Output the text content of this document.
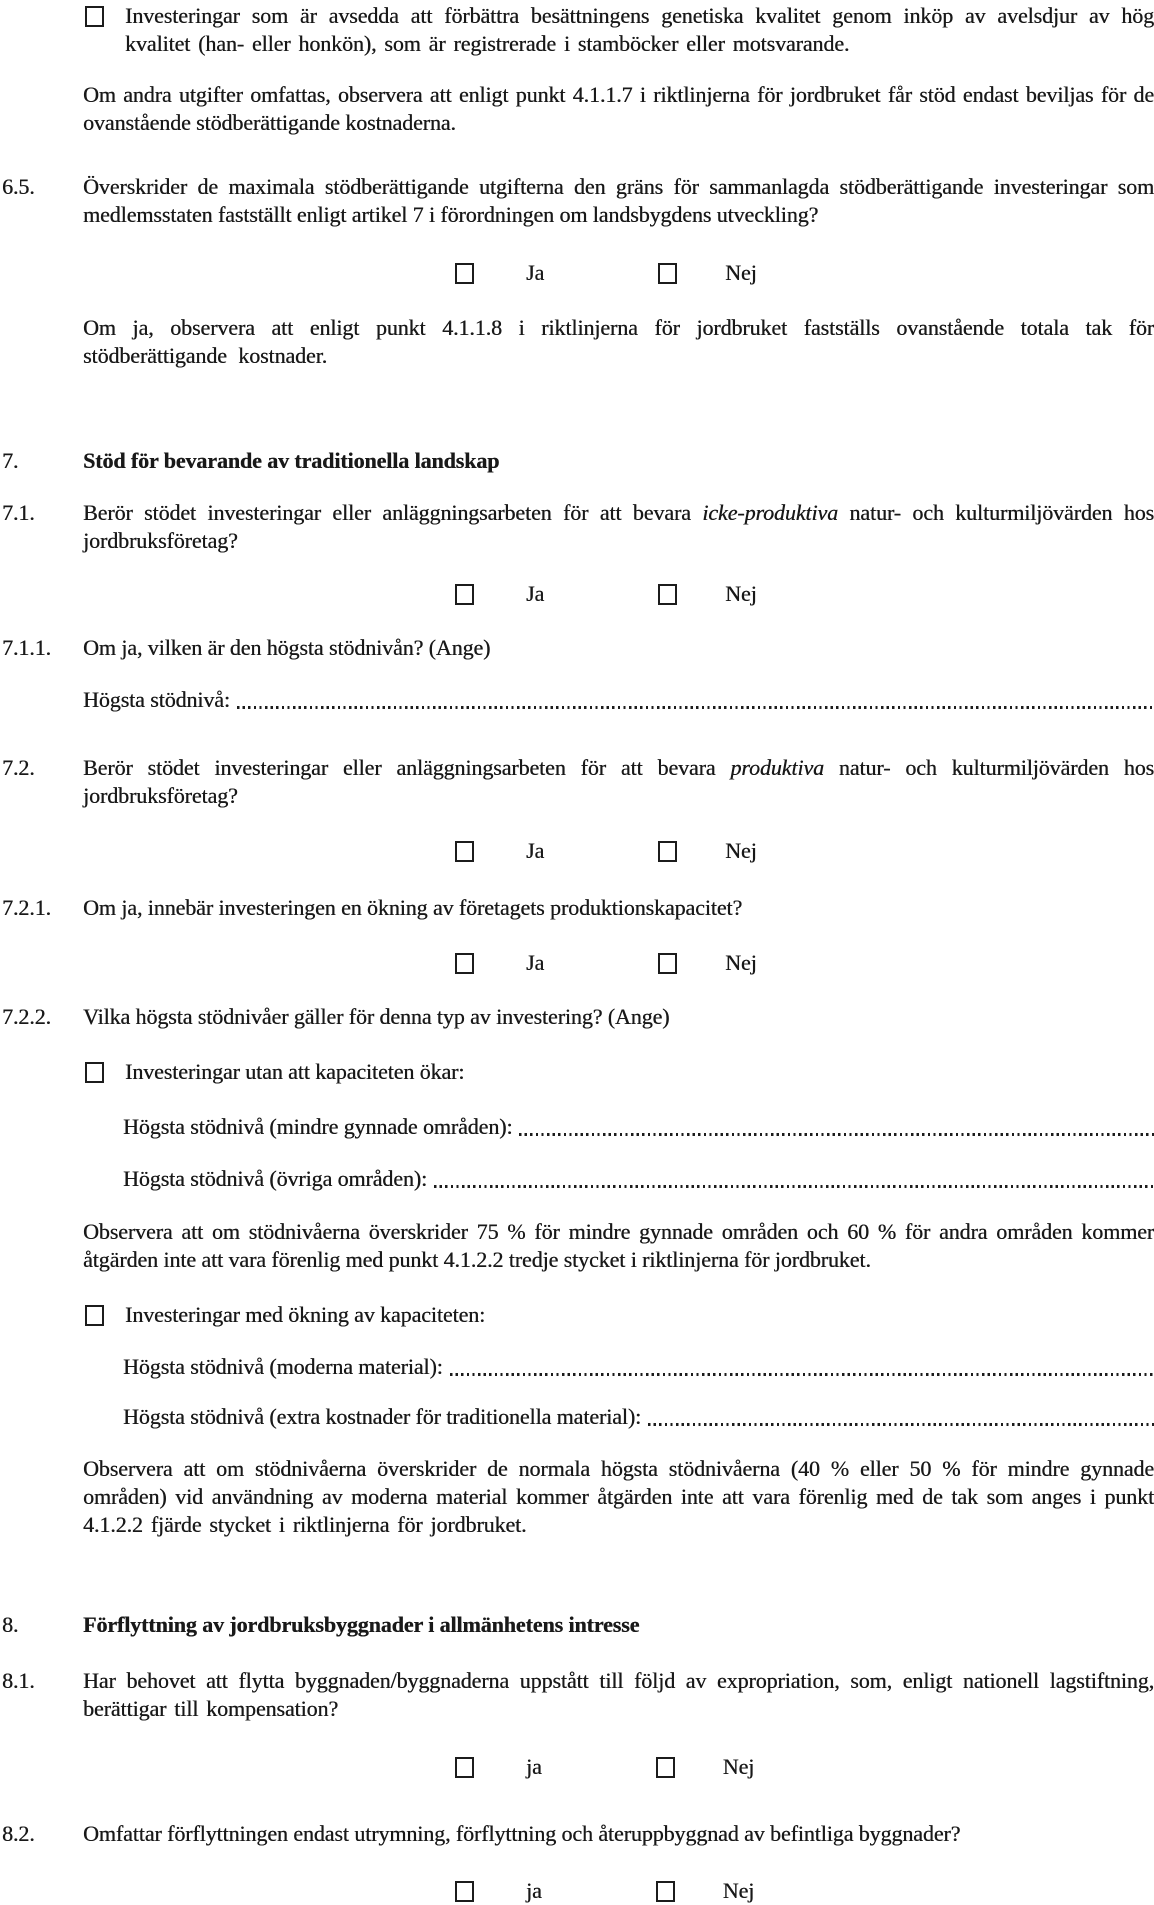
Investeringar som är avsedda att förbättra besättningens genetiska kvalitet genom inköp av avelsdjur av hög kvalitet (han- eller honkön), som är registrerade i stamböcker eller motsvarande.

Om andra utgifter omfattas, observera att enligt punkt 4.1.1.7 i riktlinjerna för jordbruket får stöd endast beviljas för de ovanstående stödberättigande kostnaderna.

6.5.	Överskrider de maximala stödberättigande utgifterna den gräns för sammanlagda stödberättigande investeringar som medlemsstaten fastställt enligt artikel 7 i förordningen om landsbygdens utveckling?

Ja	Nej

Om ja, observera att enligt punkt 4.1.1.8 i riktlinjerna för jordbruket fastställs ovanstående totala tak för stödberättigande kostnader.

7.	Stöd för bevarande av traditionella landskap

7.1.	Berör stödet investeringar eller anläggningsarbeten för att bevara icke-produktiva natur- och kulturmiljövärden hos jordbruksföretag?

Ja	Nej
7.1.1.	Om ja, vilken är den högsta stödnivån? (Ange)

Högsta stödnivå:
7.2.	Berör stödet investeringar eller anläggningsarbeten för att bevara produktiva natur- och kulturmiljövärden hos jordbruksföretag?

Ja	Nej
7.2.1.	Om ja, innebär investeringen en ökning av företagets produktionskapacitet?

Ja	Nej
7.2.2.	Vilka högsta stödnivåer gäller för denna typ av investering? (Ange)

Investeringar utan att kapaciteten ökar:

Högsta stödnivå (mindre gynnade områden):
Högsta stödnivå (övriga områden):

Observera att om stödnivåerna överskrider 75 % för mindre gynnade områden och 60 % för andra områden kommer åtgärden inte att vara förenlig med punkt 4.1.2.2 tredje stycket i riktlinjerna för jordbruket.

Investeringar med ökning av kapaciteten:

Högsta stödnivå (moderna material):
Högsta stödnivå (extra kostnader för traditionella material):

Observera att om stödnivåerna överskrider de normala högsta stödnivåerna (40 % eller 50 % för mindre gynnade områden) vid användning av moderna material kommer åtgärden inte att vara förenlig med de tak som anges i punkt 4.1.2.2 fjärde stycket i riktlinjerna för jordbruket.

8.	Förflyttning av jordbruksbyggnader i allmänhetens intresse

8.1.	Har behovet att flytta byggnaden/byggnaderna uppstått till följd av expropriation, som, enligt nationell lagstiftning, berättigar till kompensation?

ja	Nej
8.2.	Omfattar förflyttningen endast utrymning, förflyttning och återuppbyggnad av befintliga byggnader?

ja	Nej
